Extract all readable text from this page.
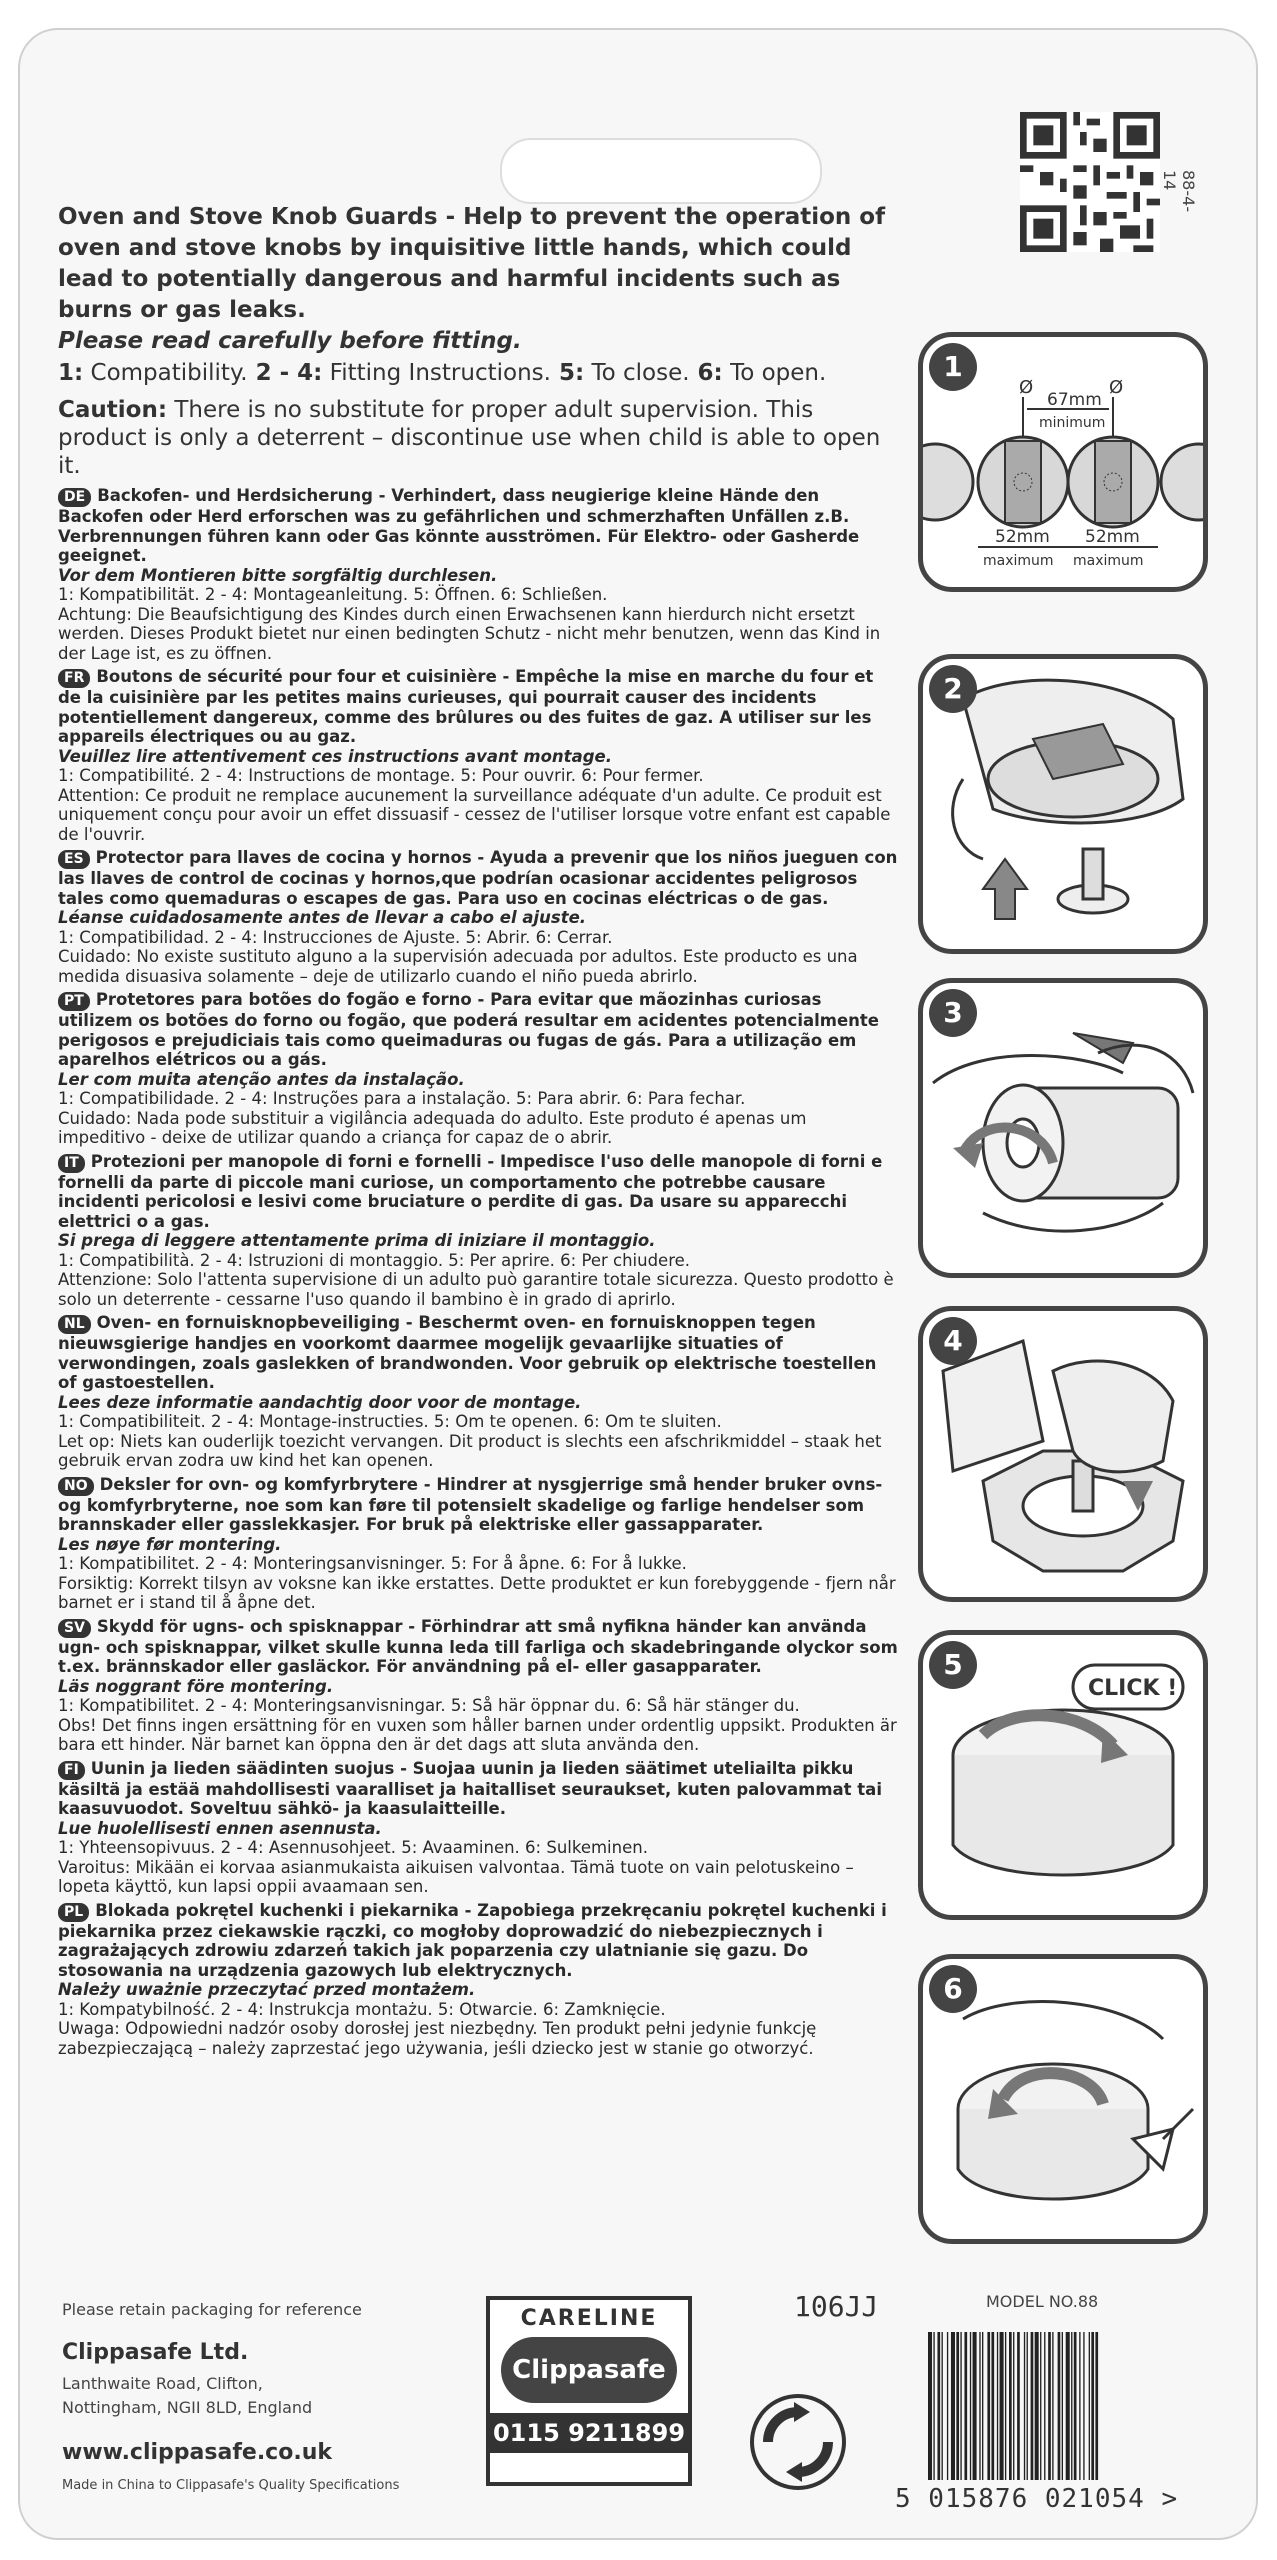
88-4-14

Oven and Stove Knob Guards - Help to prevent the operation of oven and stove knobs by inquisitive little hands, which could lead to potentially dangerous and harmful incidents such as burns or gas leaks.

Please read carefully before fitting.

1: Compatibility. 2 - 4: Fitting Instructions. 5: To close. 6: To open.

Caution: There is no substitute for proper adult supervision. This product is only a deterrent – discontinue use when child is able to open it.

DE Backofen- und Herdsicherung - Verhindert, dass neugierige kleine Hände den Backofen oder Herd erforschen was zu gefährlichen und schmerzhaften Unfällen z.B. Verbrennungen führen kann oder Gas könnte ausströmen. Für Elektro- oder Gasherde geeignet.
Vor dem Montieren bitte sorgfältig durchlesen.
1: Kompatibilität. 2 - 4: Montageanleitung. 5: Öffnen. 6: Schließen.
Achtung: Die Beaufsichtigung des Kindes durch einen Erwachsenen kann hierdurch nicht ersetzt werden. Dieses Produkt bietet nur einen bedingten Schutz - nicht mehr benutzen, wenn das Kind in der Lage ist, es zu öffnen.
FR Boutons de sécurité pour four et cuisinière - Empêche la mise en marche du four et de la cuisinière par les petites mains curieuses, qui pourrait causer des incidents potentiellement dangereux, comme des brûlures ou des fuites de gaz. A utiliser sur les appareils électriques ou au gaz.
Veuillez lire attentivement ces instructions avant montage.
1: Compatibilité. 2 - 4: Instructions de montage. 5: Pour ouvrir. 6: Pour fermer.
Attention: Ce produit ne remplace aucunement la surveillance adéquate d'un adulte. Ce produit est uniquement conçu pour avoir un effet dissuasif - cessez de l'utiliser lorsque votre enfant est capable de l'ouvrir.
ES Protector para llaves de cocina y hornos - Ayuda a prevenir que los niños jueguen con las llaves de control de cocinas y hornos,que podrían ocasionar accidentes peligrosos tales como quemaduras o escapes de gas. Para uso en cocinas eléctricas o de gas.
Léanse cuidadosamente antes de llevar a cabo el ajuste.
1: Compatibilidad. 2 - 4: Instrucciones de Ajuste. 5: Abrir. 6: Cerrar.
Cuidado: No existe sustituto alguno a la supervisión adecuada por adultos. Este producto es una medida disuasiva solamente – deje de utilizarlo cuando el niño pueda abrirlo.
PT Protetores para botões do fogão e forno - Para evitar que mãozinhas curiosas utilizem os botões do forno ou fogão, que poderá resultar em acidentes potencialmente perigosos e prejudiciais tais como queimaduras ou fugas de gás. Para a utilização em aparelhos elétricos ou a gás.
Ler com muita atenção antes da instalação.
1: Compatibilidade. 2 - 4: Instruções para a instalação. 5: Para abrir. 6: Para fechar.
Cuidado: Nada pode substituir a vigilância adequada do adulto. Este produto é apenas um impeditivo - deixe de utilizar quando a criança for capaz de o abrir.
IT Protezioni per manopole di forni e fornelli - Impedisce l'uso delle manopole di forni e fornelli da parte di piccole mani curiose, un comportamento che potrebbe causare incidenti pericolosi e lesivi come bruciature o perdite di gas. Da usare su apparecchi elettrici o a gas.
Si prega di leggere attentamente prima di iniziare il montaggio.
1: Compatibilità. 2 - 4: Istruzioni di montaggio. 5: Per aprire. 6: Per chiudere.
Attenzione: Solo l'attenta supervisione di un adulto può garantire totale sicurezza. Questo prodotto è solo un deterrente - cessarne l'uso quando il bambino è in grado di aprirlo.
NL Oven- en fornuisknopbeveiliging - Beschermt oven- en fornuisknoppen tegen nieuwsgierige handjes en voorkomt daarmee mogelijk gevaarlijke situaties of verwondingen, zoals gaslekken of brandwonden. Voor gebruik op elektrische toestellen of gastoestellen.
Lees deze informatie aandachtig door voor de montage.
1: Compatibiliteit. 2 - 4: Montage-instructies. 5: Om te openen. 6: Om te sluiten.
Let op: Niets kan ouderlijk toezicht vervangen. Dit product is slechts een afschrikmiddel – staak het gebruik ervan zodra uw kind het kan openen.
NO Deksler for ovn- og komfyrbrytere - Hindrer at nysgjerrige små hender bruker ovns- og komfyrbryterne, noe som kan føre til potensielt skadelige og farlige hendelser som brannskader eller gasslekkasjer. For bruk på elektriske eller gassapparater.
Les nøye før montering.
1: Kompatibilitet. 2 - 4: Monteringsanvisninger. 5: For å åpne. 6: For å lukke.
Forsiktig: Korrekt tilsyn av voksne kan ikke erstattes. Dette produktet er kun forebyggende - fjern når barnet er i stand til å åpne det.
SV Skydd för ugns- och spisknappar - Förhindrar att små nyfikna händer kan använda ugn- och spisknappar, vilket skulle kunna leda till farliga och skadebringande olyckor som t.ex. brännskador eller gasläckor. För användning på el- eller gasapparater.
Läs noggrant före montering.
1: Kompatibilitet. 2 - 4: Monteringsanvisningar. 5: Så här öppnar du. 6: Så här stänger du.
Obs! Det finns ingen ersättning för en vuxen som håller barnen under ordentlig uppsikt. Produkten är bara ett hinder. När barnet kan öppna den är det dags att sluta använda den.
FI Uunin ja lieden säädinten suojus - Suojaa uunin ja lieden säätimet uteliailta pikku käsiltä ja estää mahdollisesti vaaralliset ja haitalliset seuraukset, kuten palovammat tai kaasuvuodot. Soveltuu sähkö- ja kaasulaitteille.
Lue huolellisesti ennen asennusta.
1: Yhteensopivuus. 2 - 4: Asennusohjeet. 5: Avaaminen. 6: Sulkeminen.
Varoitus: Mikään ei korvaa asianmukaista aikuisen valvontaa. Tämä tuote on vain pelotuskeino – lopeta käyttö, kun lapsi oppii avaamaan sen.
PL Blokada pokrętel kuchenki i piekarnika - Zapobiega przekręcaniu pokrętel kuchenki i piekarnika przez ciekawskie rączki, co mogłoby doprowadzić do niebezpiecznych i zagrażających zdrowiu zdarzeń takich jak poparzenia czy ulatnianie się gazu. Do stosowania na urządzenia gazowych lub elektrycznych.
Należy uważnie przeczytać przed montażem.
1: Kompatybilność. 2 - 4: Instrukcja montażu. 5: Otwarcie. 6: Zamknięcie.
Uwaga: Odpowiedni nadzór osoby dorosłej jest niezbędny. Ten produkt pełni jedynie funkcję zabezpieczającą – należy zaprzestać jego używania, jeśli dziecko jest w stanie go otworzyć.
1
Ø	Ø
67mm
minimum
52mm
maximum
52mm
maximum
2
3
4
5
CLICK !
6
Please retain packaging for reference
Clippasafe Ltd.
Lanthwaite Road, Clifton,
Nottingham, NGII 8LD, England
www.clippasafe.co.uk
Made in China to Clippasafe's Quality Specifications
CARELINE
Clippasafe
0115 9211899
106JJ	MODEL NO.88
5 015876 021054 >
